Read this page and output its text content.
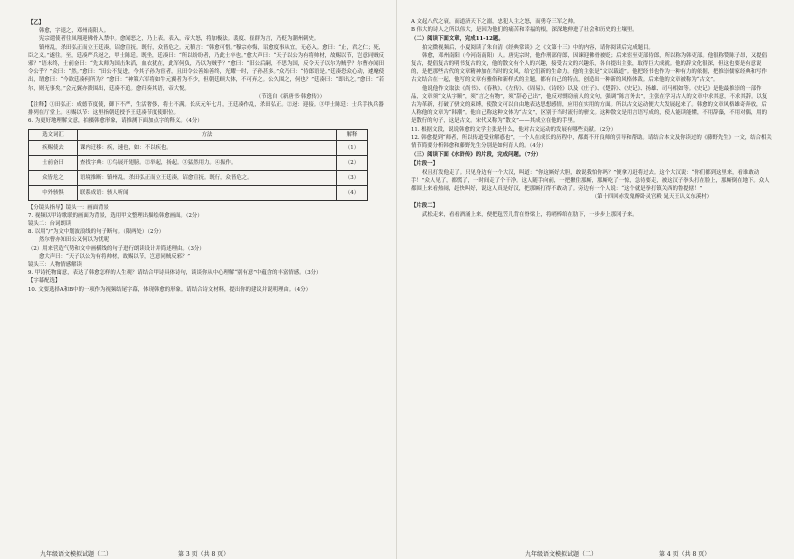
【乙】

韩愈，字退之，邓州南阳人。

宪宗遣使者往凤翔迎佛骨入禁中。愈闻恶之，乃上表。表入，帝大怒，将加极法。裴度、崔群为言，乃贬为潮州刺史。

镇州乱，杀田弘正而立王廷凑，诏愈宣抚。既行，众皆危之。元稹言：“韩愈可惜。”穆宗亦悔，诏愈度事从宜，无必入。愈曰：“止，君之仁；死，臣之义。”遂往。至，廷凑严兵迓之，甲士陈廷。既坐，廷凑曰：“所以纷纷者，乃此士卒也。”愈大声曰：“天子以公为有将帅材，故赐以节，岂意同贼反邪？”语未终，士前奋曰：“先太师为国击朱滔，血衣犹在，此军何负，乃以为贼乎？”愈曰：“旧公后嗣，不思为国，反令天子以尔为贼乎？尔曹亦闻田令公乎？”众曰：“然。”愈曰：“田公不复进，今其子孙为宦者，且田令公善始善终，光耀一时，子孙甚多。”众乃曰：“侍郎语是。”廷凑恐众心动，遽麾使出，谓愈曰：“今欲廷凑何所为？”愈曰：“神策六军将如牛元翼者为不少，但朝廷顾大体，不可弃之。公久围之，何也？”廷凑曰：“即出之。”愈曰：“若尔，则无事矣。”会元翼亦溃围出，廷凑不追。愈归奏其语，帝大悦。

（节选自《新唐书·韩愈传》）

【注释】①田弘正：成德节度使，御下不严，生活奢侈，将士不满。长庆元年七月，王廷凑作乱，杀田弘正。②迓：迎接。③甲士陈廷：士兵手执兵器排列在厅堂上。④赐以节：这里指朝廷授予王廷凑节度使职位。

6. 为更好地理解文意，拍摄韩愈形象，请推测下面加点字的释义。（4分）

选文词汇	方法	解释
疾赐使去	课内迁移：疾，速也，如：不以疾也。	（1）
士前奋曰	查找字典：①鸟展开翅膀。②举起，扬起。③猛然用力。④振作。	（2）
众皆危之	语境推断：镇州乱，杀田弘正而立王廷凑，诏愈宣抚。既行，众皆危之。	（3）
中外骇惧	联系成语：骇人听闻	（4）

【分镜头指导】镜头一：画面背景

7. 视频以甲诗歌联的画面为背景，选用甲文整理出描绘韩愈画面。（2分）

镜头二：台词朗读

8. 以用“/”为文中划波浪线的句子断句。（限两处）（2分）

然尔曹亦知田公又何以为忧呢

（2）用来营造气势和文中画横线的句子进行朗读设计并简述理由。（3分）

愈大声曰：“天子以公为有将帅材，故赐以节，岂意同贼反邪？”

镜头三：人物情感解读

9. 甲诗托物寓意，表达了韩愈怎样的人生观？请结合甲诗具体诗句，谈谈你从中心理解“别有意”中蕴含的丰富情感。（3分）

【字幕配选】

10. 文要选择A和B中的一项作为视频结尾字幕，体现韩愈的形象。请结合诗文材料，提出你的建议并说明理由。（4分）

九年级语文模拟试题（二）	第 3 页（共 8 页）

A 文起八代之衰，而道济天下之溺，忠犯人主之怒，而勇夺三军之帅。

B 伟大的诗人之所以伟大，是因为他们的痛苦和幸福的根，深深地伸进了社会和历史的土壤里。

（二）阅读下面文章，完成11-12题。

拍完微视频后，小夏阅读了朱自清《经典常谈》之《文第十三》中的内容，请你阅读后完成题目。

韩愈，邓州南阳（今河南南阳）人。唐宪宗时，他作刑部侍郎，因谏迎佛骨被贬；后来宦至吏部侍郎，所以称为韩吏部。他很称赞陈子昂，又提倡复古，提倡复古的明书复古的文，他的散文有个人的兴趣，接受古文的兴趣乐，各自提出主张，取得巨大成就。他的辞文化很深，但这也要是有意说的，是把那些古代的文章精神加在当时的文风，给它们新的生命力。他的主张是“文以载道”。他把经书也作为一种有力的依据，把推崇儒家经典和写作古文结合在一起，他写的文章有雅俗和新样式的主题，都有自己的特点，创造出一种新的风格体裁。后来他的文章被称为“古文”。

他说他作文取法《尚书》、《春秋》、《左传》、《周易》、《诗经》以及《庄子》、《楚辞》、《史记》、扬雄、司马相如等。《史记》是他最推崇的一部作品，文章须“文从字顺”，须“言之有物”，须“辞必己出”，他反对剽窃前人的文句，强调“陈言务去”，主张在学习古人的文章中求其意，不求其辞。以复古为革新，打破了骈文的束缚，使散文可以自由地表达思想感情，应用在实用的方面。所以古文运动便大大发展起来了。韩愈的文章风格雄奇奔放，后人称他的文章为“韩潮”。他自己称这种文体为“古文”，区别于当时流行的骈文。这种散文是用言语写成的，使人能读能懂，不用辞藻，不用对偶，用的是散行的句子，这是古文。宋代又称为“散文”——其成立在他的手里。

11. 根据文段，说说韩愈的文学主张是什么，他对古文运动的发展有哪些贡献。（2分）

12. 韩愈提到“师者，所以传道受业解惑也”，一个人在成长的历程中，都离不开良师的引导和帮助。请结合本文及你读过的《藤野先生》一文，结合相关情节简要分析韩愈和藤野先生分别是如何育人的。（4分）

（三）阅读下面《水浒传》的片段，完成问题。（7分）

【片段一】

权且打发他走了。只见身边有一个大汉，叫道：“你这厮好大胆，敢说我怕你吗？”便拿刀赶将过去。这个大汉说：“你们都到这里来，看谁敢动手！”众人见了，都慌了，一时间走了个干净。这人随手向前，一把揪住那厮，那厮吃了一惊，急待要走，被这汉子拳头打在脸上，那厮倒在地下。众人都围上来看热闹，赶快叫好，说这人真是好汉，把那厮打得不敢动了。旁边有一个人说：“这个就是拳打镇关西的鲁提辖！”

（第十四回赤发鬼醉卧灵官殿 晁天王认义东溪村）

【片段二】

武松走来，看看酒涌上来，便把毡笠儿背在脊梁上，将哨棒绾在肋下，一步步上那冈子来。

九年级语文模拟试题（二）	第 4 页（共 8 页）
